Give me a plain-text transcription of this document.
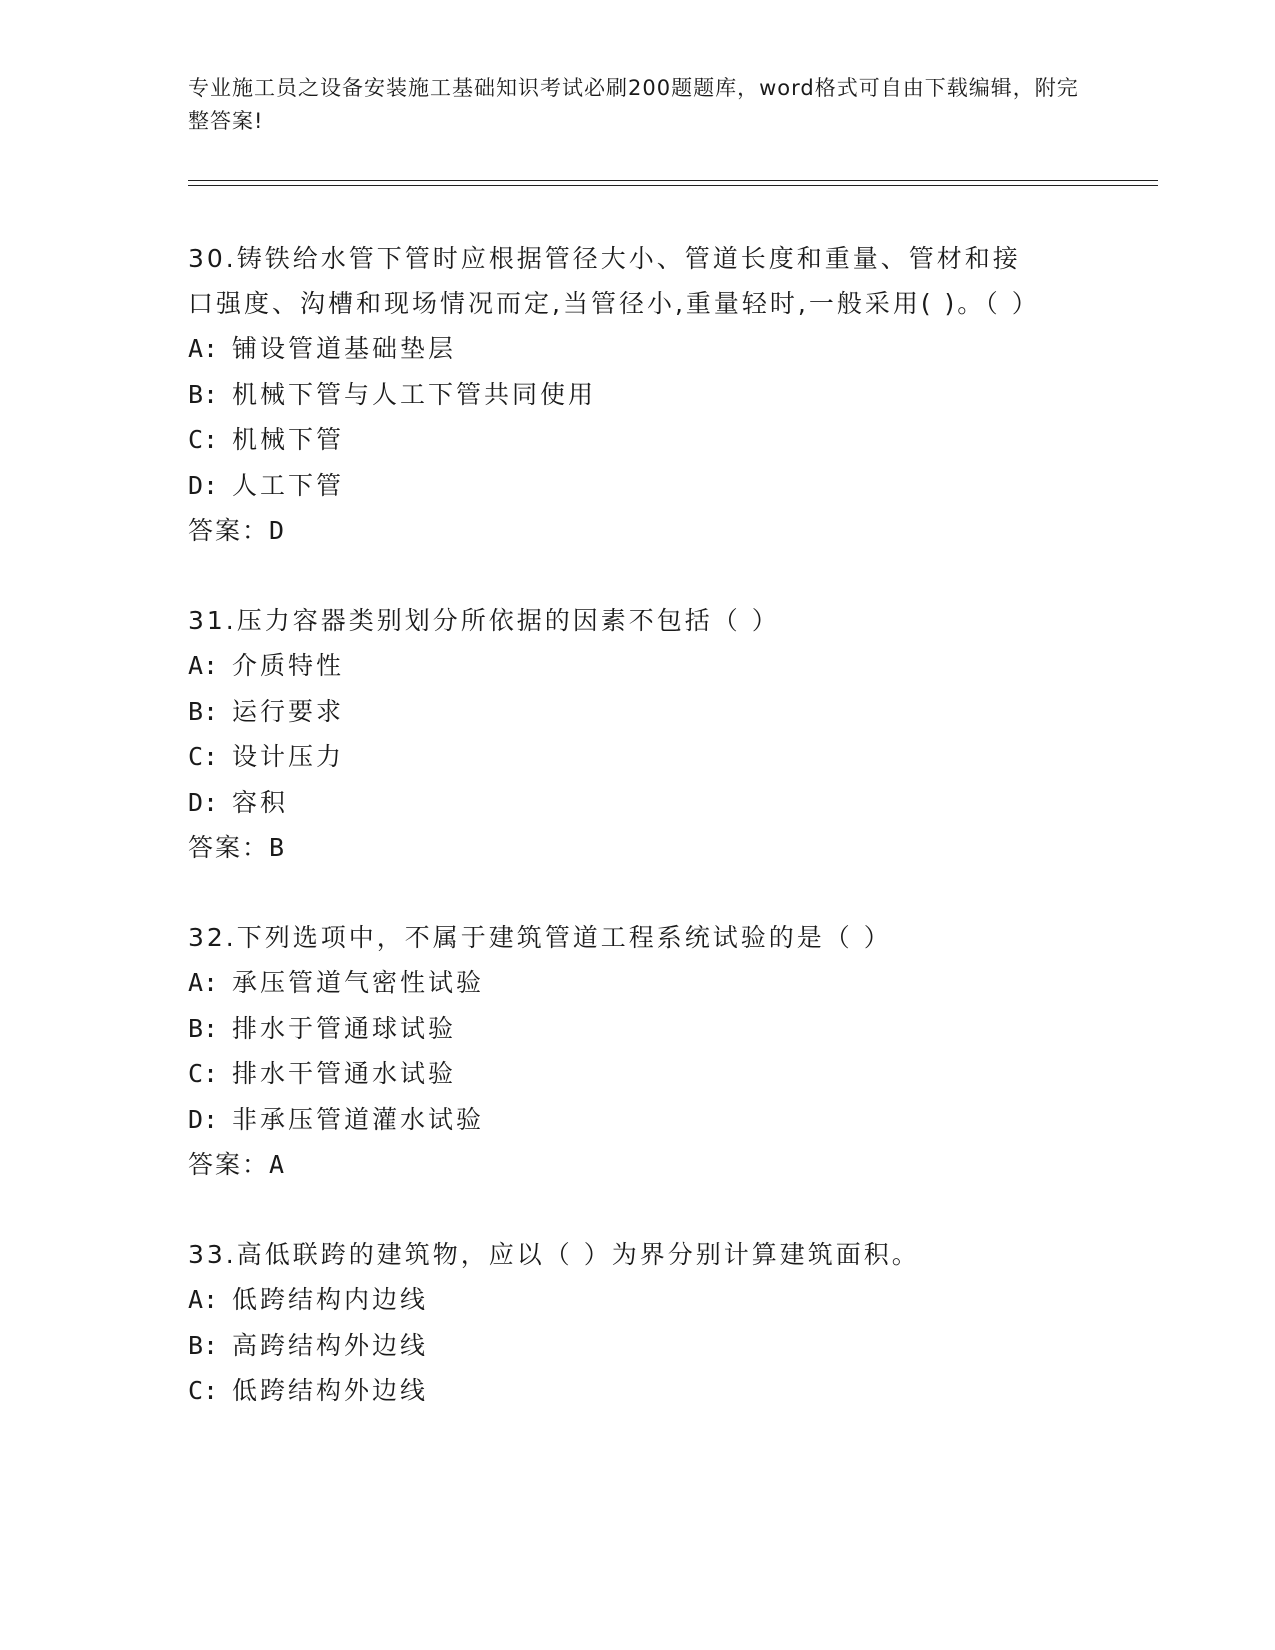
专业施工员之设备安装施工基础知识考试必刷200题题库，word格式可自由下载编辑，附完整答案!
30.铸铁给水管下管时应根据管径大小、管道长度和重量、管材和接口强度、沟槽和现场情况而定,当管径小,重量轻时,一般采用( )。（ ）
A: 铺设管道基础垫层
B: 机械下管与人工下管共同使用
C: 机械下管
D: 人工下管
答案：D
31.压力容器类别划分所依据的因素不包括（ ）
A: 介质特性
B: 运行要求
C: 设计压力
D: 容积
答案：B
32.下列选项中，不属于建筑管道工程系统试验的是（ ）
A: 承压管道气密性试验
B: 排水于管通球试验
C: 排水干管通水试验
D: 非承压管道灌水试验
答案：A
33.高低联跨的建筑物，应以（ ）为界分别计算建筑面积。
A: 低跨结构内边线
B: 高跨结构外边线
C: 低跨结构外边线
